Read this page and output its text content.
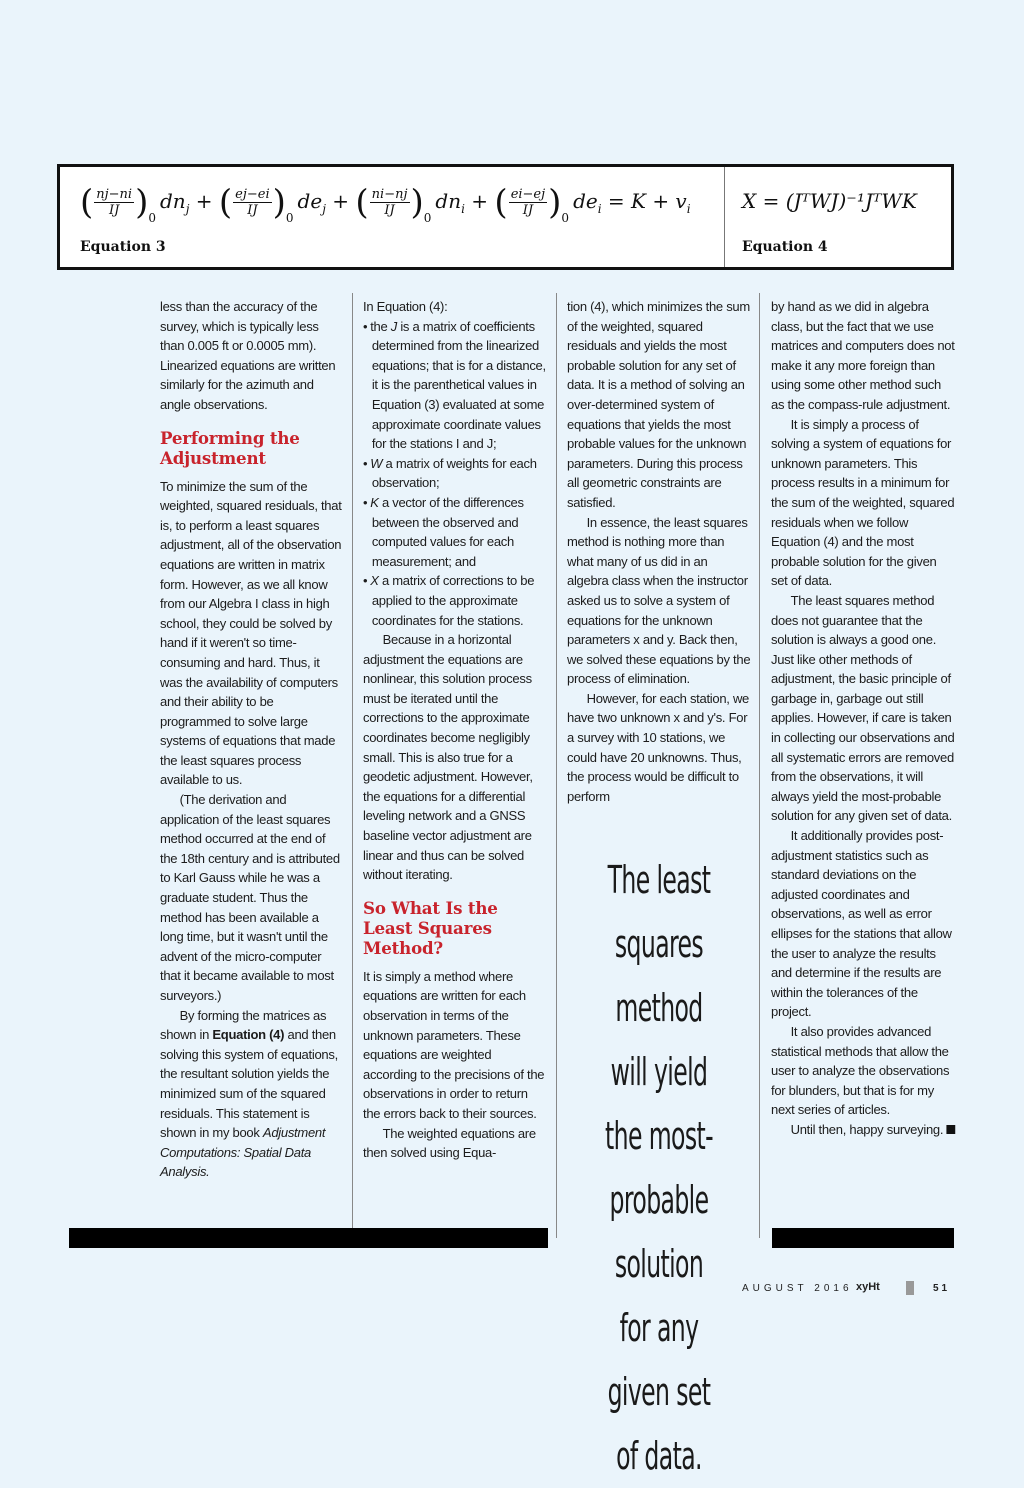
( $\frac{nj-ni}{IJ} )_0dn_j$ + ( $\frac{ej-ei}{IJ} )_0de_j$ + ( $\frac{ni-nj}{IJ} )_0dn_i$ + ( $\frac{ei-ej}{IJ} )_0de_i = K + v_i$
Equation 3
X = (JᵀWJ)⁻¹JᵀWK
Equation 4

less than the accuracy of the survey, which is typically less than 0.005 ft or 0.0005 mm). Linearized equations are written similarly for the azimuth and angle observations.

Performing the Adjustment

To minimize the sum of the weighted, squared residuals, that is, to perform a least squares adjustment, all of the observation equations are written in matrix form. However, as we all know from our Algebra I class in high school, they could be solved by hand if it weren't so time-consuming and hard. Thus, it was the availability of computers and their ability to be programmed to solve large systems of equations that made the least squares process available to us.

(The derivation and application of the least squares method occurred at the end of the 18th century and is attributed to Karl Gauss while he was a graduate student. Thus the method has been available a long time, but it wasn't until the advent of the micro-computer that it became available to most surveyors.)

By forming the matrices as shown in Equation (4) and then solving this system of equations, the resultant solution yields the minimized sum of the squared residuals. This statement is shown in my book Adjustment Computations: Spatial Data Analysis.

In Equation (4):

• the J is a matrix of coefficients determined from the linearized equations; that is for a distance, it is the parenthetical values in Equation (3) evaluated at some approximate coordinate values for the stations I and J;
• W a matrix of weights for each observation;
• K a vector of the differences between the observed and computed values for each measurement; and
• X a matrix of corrections to be applied to the approximate coordinates for the stations.

Because in a horizontal adjustment the equations are nonlinear, this solution process must be iterated until the corrections to the approximate coordinates become negligibly small. This is also true for a geodetic adjustment. However, the equations for a differential leveling network and a GNSS baseline vector adjustment are linear and thus can be solved without iterating.

So What Is the Least Squares Method?

It is simply a method where equations are written for each observation in terms of the unknown parameters. These equations are weighted according to the precisions of the observations in order to return the errors back to their sources.

The weighted equations are then solved using Equa-

tion (4), which minimizes the sum of the weighted, squared residuals and yields the most probable solution for any set of data. It is a method of solving an over-determined system of equations that yields the most probable values for the unknown parameters. During this process all geometric constraints are satisfied.

In essence, the least squares method is nothing more than what many of us did in an algebra class when the instructor asked us to solve a system of equations for the unknown parameters x and y. Back then, we solved these equations by the process of elimination.

However, for each station, we have two unknown x and y's. For a survey with 10 stations, we could have 20 unknowns. Thus, the process would be difficult to perform

The least squares method will yield the most-probable solution for any given set of data.

by hand as we did in algebra class, but the fact that we use matrices and computers does not make it any more foreign than using some other method such as the compass-rule adjustment.

It is simply a process of solving a system of equations for unknown parameters. This process results in a minimum for the sum of the weighted, squared residuals when we follow Equation (4) and the most probable solution for the given set of data.

The least squares method does not guarantee that the solution is always a good one. Just like other methods of adjustment, the basic principle of garbage in, garbage out still applies. However, if care is taken in collecting our observations and all systematic errors are removed from the observations, it will always yield the most-probable solution for any given set of data.

It additionally provides post-adjustment statistics such as standard deviations on the adjusted coordinates and observations, as well as error ellipses for the stations that allow the user to analyze the results and determine if the results are within the tolerances of the project.

It also provides advanced statistical methods that allow the user to analyze the observations for blunders, but that is for my next series of articles.

Until then, happy surveying.

AUGUST 2016 xyHt	51
